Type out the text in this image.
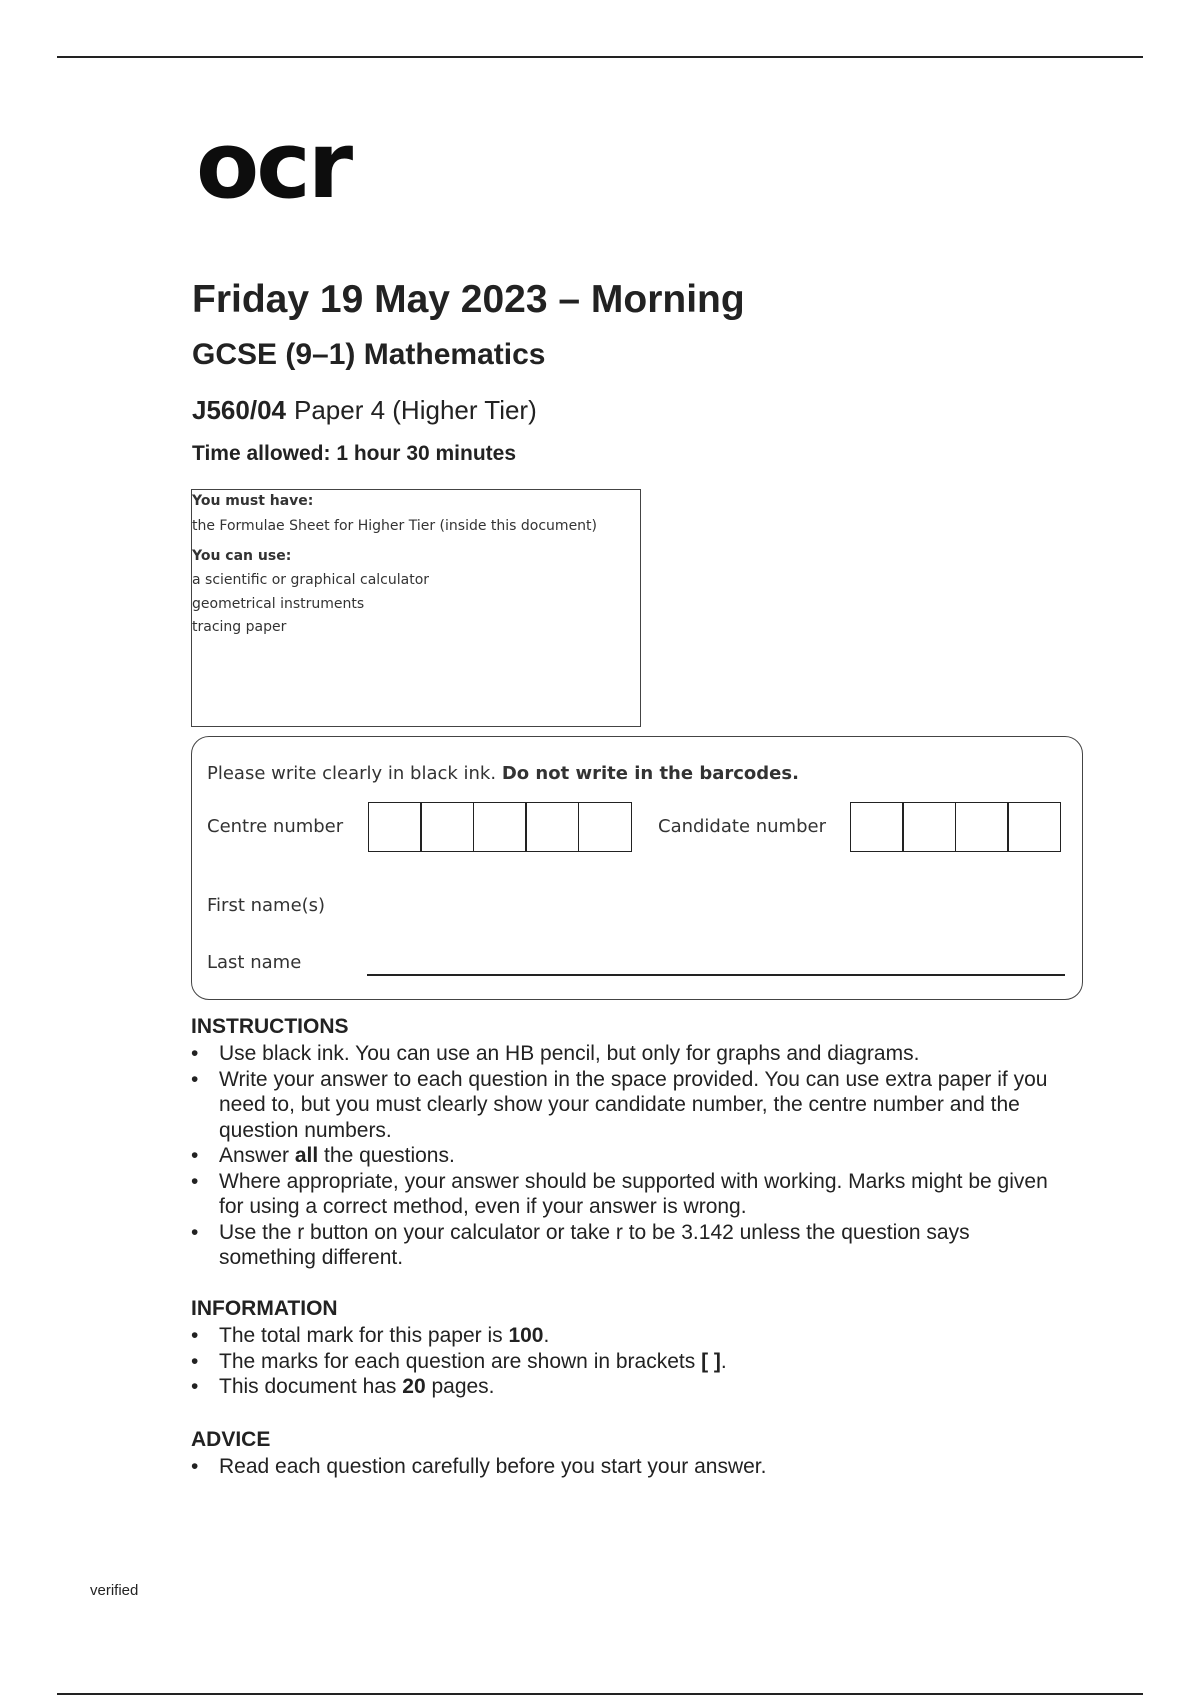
ocr
Friday 19 May 2023 – Morning
GCSE (9–1) Mathematics
J560/04 Paper 4 (Higher Tier)
Time allowed: 1 hour 30 minutes
You must have:
the Formulae Sheet for Higher Tier (inside this document)
You can use:
a scientific or graphical calculator
geometrical instruments
tracing paper
Please write clearly in black ink. Do not write in the barcodes.
Centre number	Candidate number
First name(s)
Last name
INSTRUCTIONS
• Use black ink. You can use an HB pencil, but only for graphs and diagrams.
• Write your answer to each question in the space provided. You can use extra paper if you need to, but you must clearly show your candidate number, the centre number and the question numbers.
• Answer all the questions.
• Where appropriate, your answer should be supported with working. Marks might be given for using a correct method, even if your answer is wrong.
• Use the r button on your calculator or take r to be 3.142 unless the question says something different.
INFORMATION
• The total mark for this paper is 100.
• The marks for each question are shown in brackets [ ].
• This document has 20 pages.
ADVICE
• Read each question carefully before you start your answer.
verified
